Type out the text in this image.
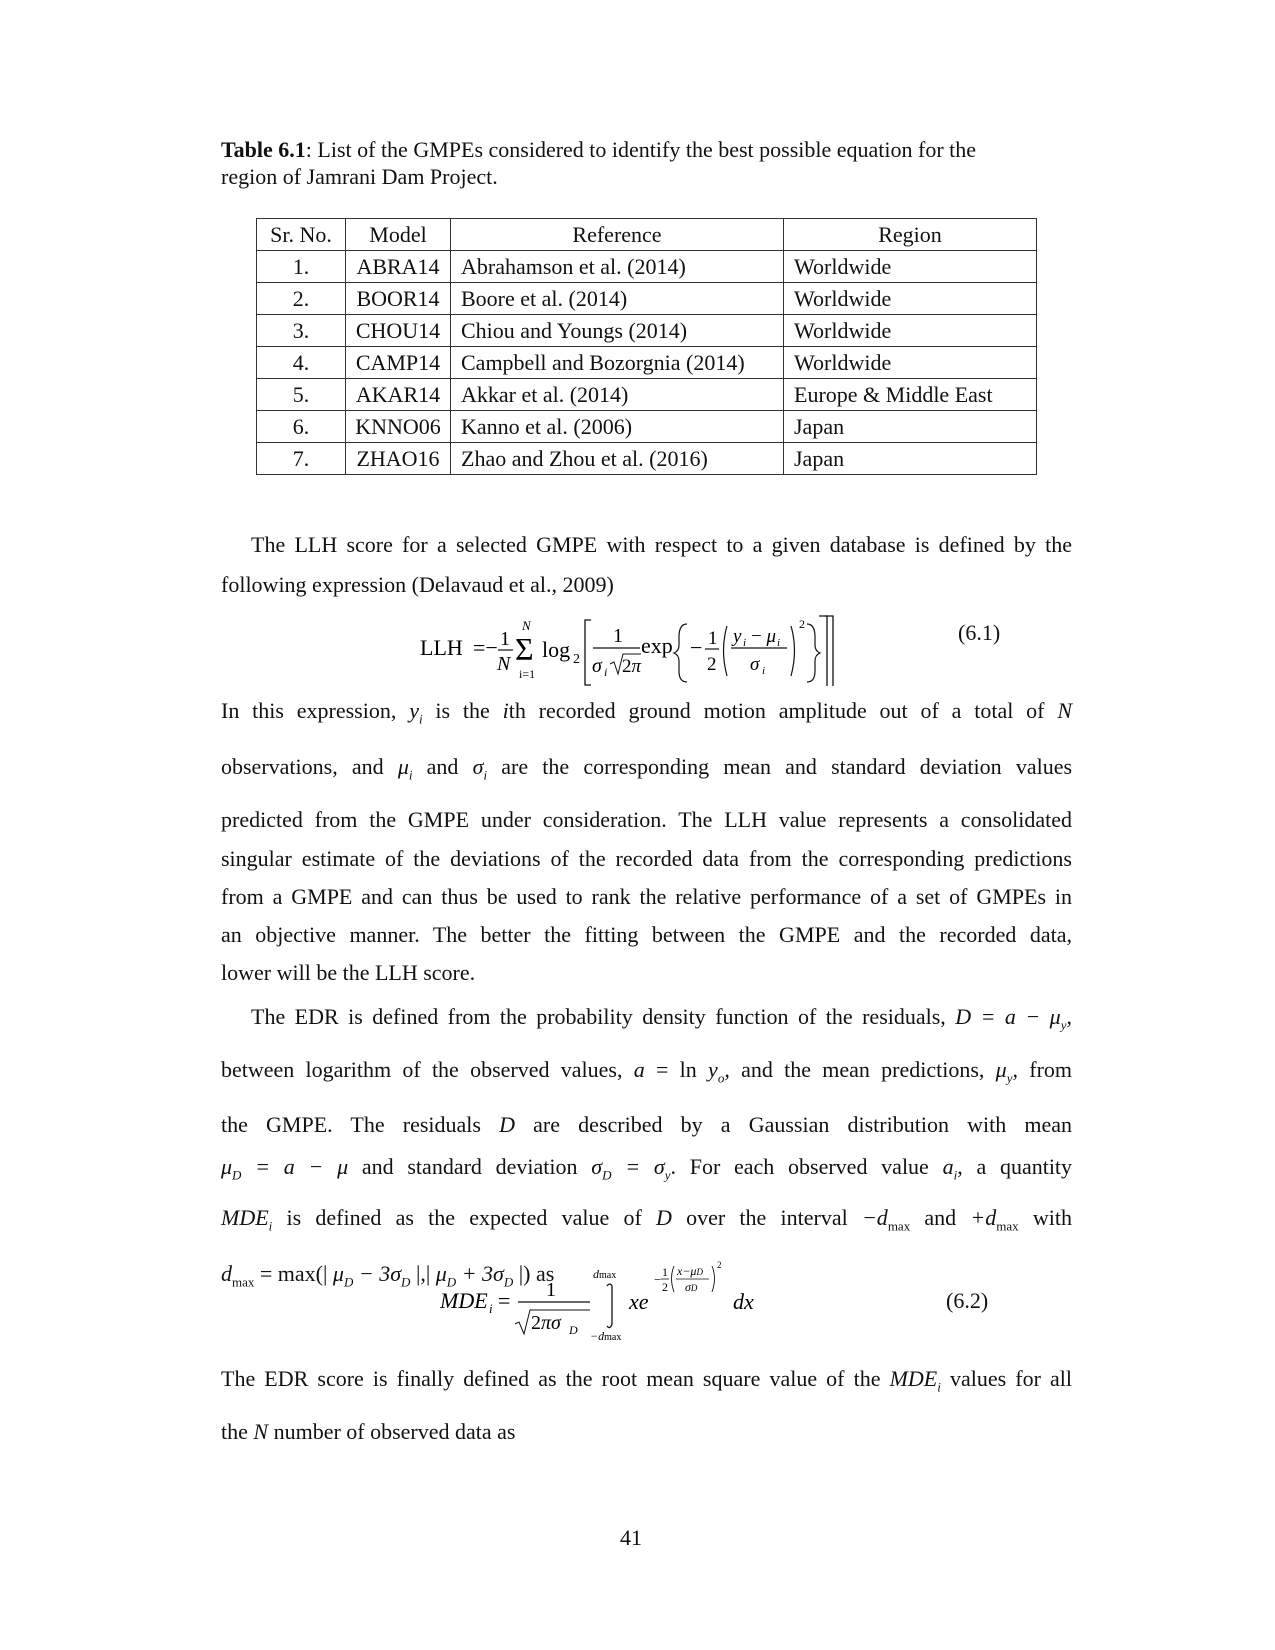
Table 6.1: List of the GMPEs considered to identify the best possible equation for the
region of Jamrani Dam Project.
Sr. No.	Model	Reference	Region
1.	ABRA14	Abrahamson et al. (2014)	Worldwide
2.	BOOR14	Boore et al. (2014)	Worldwide
3.	CHOU14	Chiou and Youngs (2014)	Worldwide
4.	CAMP14	Campbell and Bozorgnia (2014)	Worldwide
5.	AKAR14	Akkar et al. (2014)	Europe & Middle East
6.	KNNO06	Kanno et al. (2006)	Japan
7.	ZHAO16	Zhao and Zhou et al. (2016)	Japan
The LLH score for a selected GMPE with respect to a given database is defined by the
following expression (Delavaud et al., 2009)
LLH =− 1
N
N
Σ
i=1
log 2
1
σ i 2π
exp − 1
2
y i − μ i
σ i
2	(6.1)
In this expression, $y_i$ is the ith recorded ground motion amplitude out of a total of N
observations, and $\mu_i$ and $\sigma_i$ are the corresponding mean and standard deviation values
predicted from the GMPE under consideration. The LLH value represents a consolidated
singular estimate of the deviations of the recorded data from the corresponding predictions
from a GMPE and can thus be used to rank the relative performance of a set of GMPEs in
an objective manner. The better the fitting between the GMPE and the recorded data,
lower will be the LLH score.
The EDR is defined from the probability density function of the residuals, $D = a - \mu_y$,
between logarithm of the observed values, $a = \ln y_o$, and the mean predictions, $\mu_y$, from
the GMPE. The residuals D are described by a Gaussian distribution with mean
$\mu_D = a - \mu$ and standard deviation $\sigma_D = \sigma_y$. For each observed value $a_i$, a quantity
$MDE_i$ is defined as the expected value of D over the interval $-d_{max}$ and $+d_{max}$ with
$d_{max} = \max(|$ $\mu_D - 3\sigma_D$ |,| $\mu_D + 3\sigma_D$ |) as
MDE i = 1
2πσ D
dmax
−dmax
xe
− 1
2
x−μD
σD
2
dx	(6.2)
The EDR score is finally defined as the root mean square value of the $MDE_i$ values for all
the N number of observed data as
41
